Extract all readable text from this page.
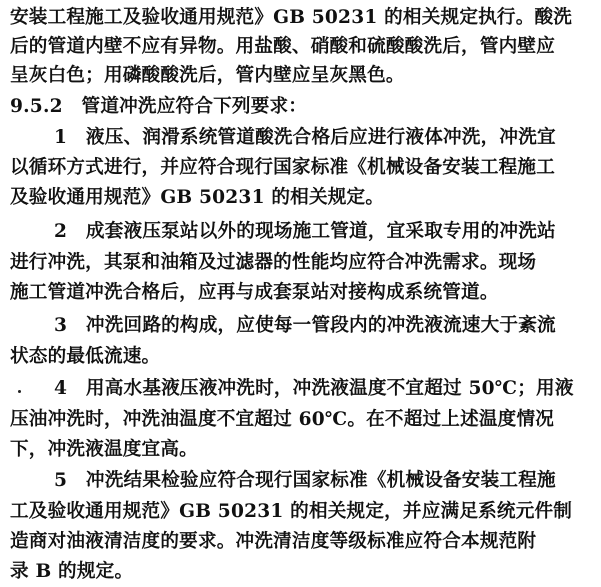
安装工程施工及验收通用规范》GB 50231 的相关规定执行。酸洗
后的管道内壁不应有异物。用盐酸、硝酸和硫酸酸洗后，管内壁应
呈灰白色；用磷酸酸洗后，管内壁应呈灰黑色。
9.5.2　管道冲洗应符合下列要求：
1　液压、润滑系统管道酸洗合格后应进行液体冲洗，冲洗宜
以循环方式进行，并应符合现行国家标准《机械设备安装工程施工
及验收通用规范》GB 50231 的相关规定。
2　成套液压泵站以外的现场施工管道，宜采取专用的冲洗站
进行冲洗，其泵和油箱及过滤器的性能均应符合冲洗需求。现场
施工管道冲洗合格后，应再与成套泵站对接构成系统管道。
3　冲洗回路的构成，应使每一管段内的冲洗液流速大于紊流
状态的最低流速。
4　用高水基液压液冲洗时，冲洗液温度不宜超过 50℃；用液
压油冲洗时，冲洗油温度不宜超过 60℃。在不超过上述温度情况
下，冲洗液温度宜高。
5　冲洗结果检验应符合现行国家标准《机械设备安装工程施
工及验收通用规范》GB 50231 的相关规定，并应满足系统元件制
造商对油液清洁度的要求。冲洗清洁度等级标准应符合本规范附
录 B 的规定。
